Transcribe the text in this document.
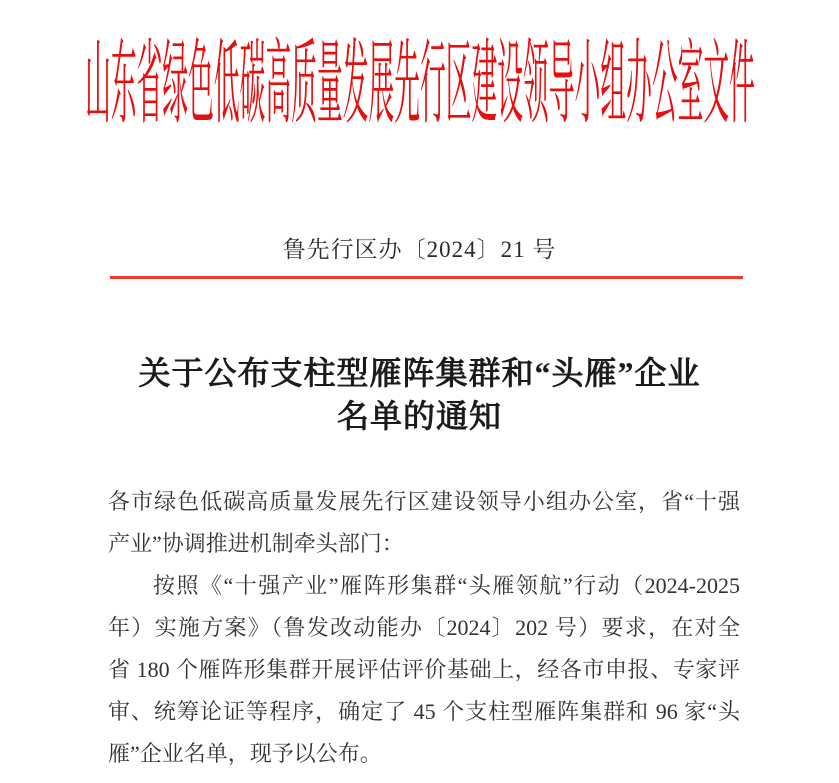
山东省绿色低碳高质量发展先行区建设领导小组办公室文件
鲁先行区办〔2024〕21 号
关于公布支柱型雁阵集群和“头雁”企业
名单的通知
各市绿色低碳高质量发展先行区建设领导小组办公室，省“十强
产业”协调推进机制牵头部门：
按照《“十强产业”雁阵形集群“头雁领航”行动（2024-2025
年）实施方案》（鲁发改动能办〔2024〕202 号）要求，在对全
省 180 个雁阵形集群开展评估评价基础上，经各市申报、专家评
审、统筹论证等程序，确定了 45 个支柱型雁阵集群和 96 家“头
雁”企业名单，现予以公布。
